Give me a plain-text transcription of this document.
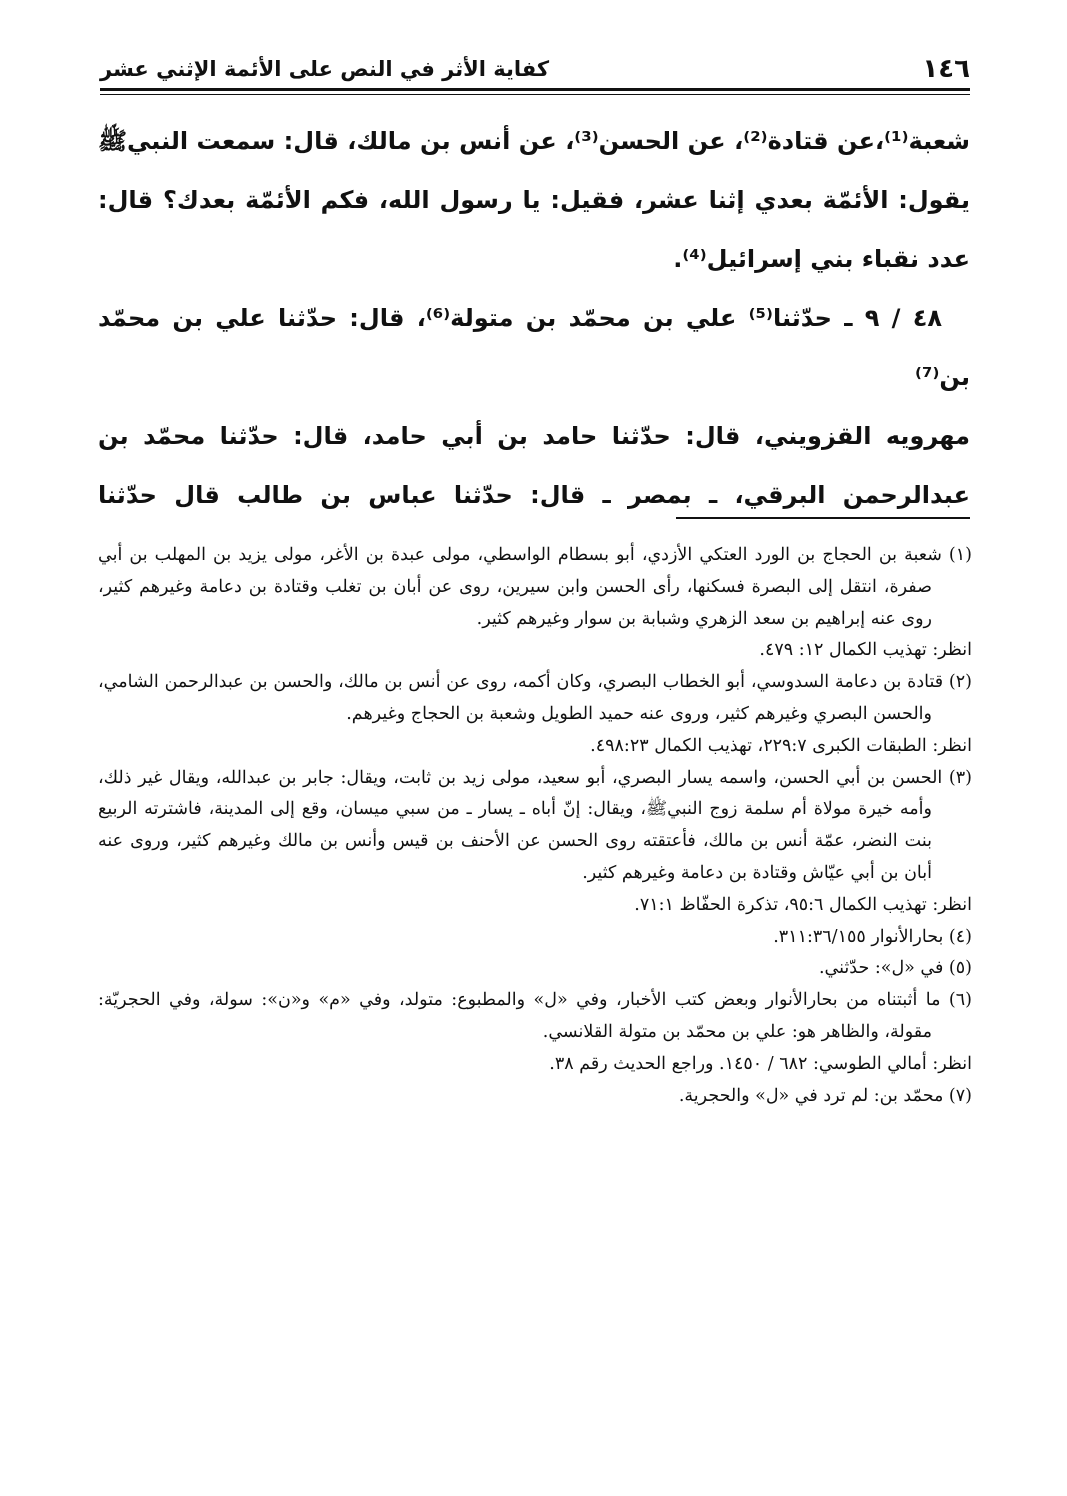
١٤٦
كفاية الأثر في النص على الأئمة الإثني عشر

شعبة⁽¹⁾،عن قتادة⁽²⁾، عن الحسن⁽³⁾، عن أنس بن مالك، قال: سمعت النبيﷺ

يقول: الأئمّة بعدي إثنا عشر، فقيل: يا رسول الله، فكم الأئمّة بعدك؟ قال:

عدد نقباء بني إسرائيل⁽⁴⁾.

٤٨ / ٩ ـ حدّثنا⁽⁵⁾ علي بن محمّد بن متولة⁽⁶⁾، قال: حدّثنا علي بن محمّد بن⁽⁷⁾

مهرويه القزويني، قال: حدّثنا حامد بن أبي حامد، قال: حدّثنا محمّد بن

عبدالرحمن البرقي، ـ بمصر ـ قال: حدّثنا عباس بن طالب قال حدّثنا

(١) شعبة بن الحجاج بن الورد العتكي الأزدي، أبو بسطام الواسطي، مولى عبدة بن الأغر، مولى يزيد بن المهلب بن أبي صفرة، انتقل إلى البصرة فسكنها، رأى الحسن وابن سيرين، روى عن أبان بن تغلب وقتادة بن دعامة وغيرهم كثير، روى عنه إبراهيم بن سعد الزهري وشبابة بن سوار وغيرهم كثير.

انظر: تهذيب الكمال ١٢: ٤٧٩.

(٢) قتادة بن دعامة السدوسي، أبو الخطاب البصري، وكان أكمه، روى عن أنس بن مالك، والحسن بن عبدالرحمن الشامي، والحسن البصري وغيرهم كثير، وروى عنه حميد الطويل وشعبة بن الحجاج وغيرهم.

انظر: الطبقات الكبرى ٢٢٩:٧، تهذيب الكمال ٤٩٨:٢٣.

(٣) الحسن بن أبي الحسن، واسمه يسار البصري، أبو سعيد، مولى زيد بن ثابت، ويقال: جابر بن عبدالله، ويقال غير ذلك، وأمه خيرة مولاة أم سلمة زوج النبيﷺ، ويقال: إنّ أباه ـ يسار ـ من سبي ميسان، وقع إلى المدينة، فاشترته الربيع بنت النضر، عمّة أنس بن مالك، فأعتقته روى الحسن عن الأحنف بن قيس وأنس بن مالك وغيرهم كثير، وروى عنه أبان بن أبي عيّاش وقتادة بن دعامة وغيرهم كثير.

انظر: تهذيب الكمال ٩٥:٦، تذكرة الحفّاظ ٧١:١.

(٤) بحارالأنوار ٣١١:٣٦/١٥٥.

(٥) في «ل»: حدّثني.

(٦) ما أثبتناه من بحارالأنوار وبعض كتب الأخبار، وفي «ل» والمطبوع: متولد، وفي «م» و«ن»: سولة، وفي الحجريّة: مقولة، والظاهر هو: علي بن محمّد بن متولة القلانسي.

انظر: أمالي الطوسي: ٦٨٢ / ١٤٥٠. وراجع الحديث رقم ٣٨.

(٧) محمّد بن: لم ترد في «ل» والحجرية.
